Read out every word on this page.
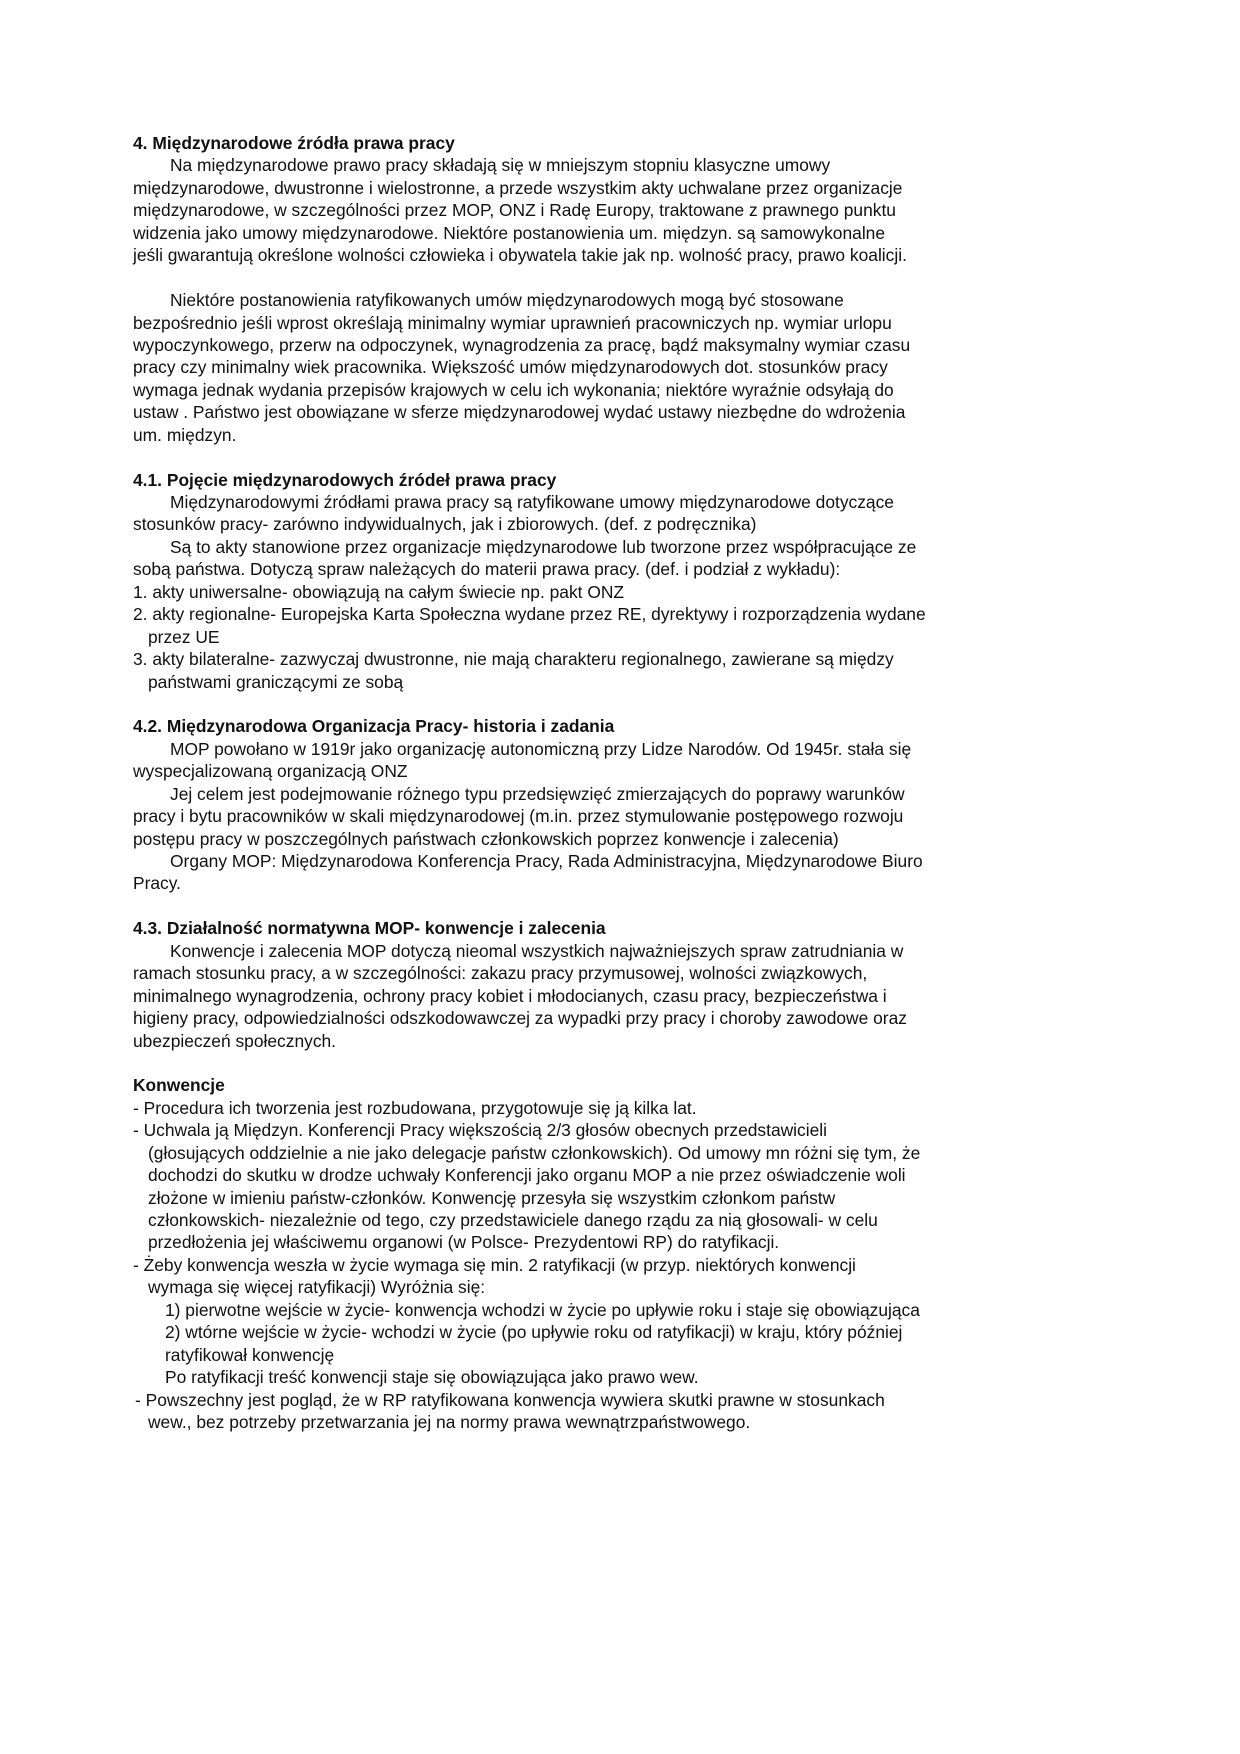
4. Międzynarodowe źródła prawa pracy
Na międzynarodowe prawo pracy składają się w mniejszym stopniu klasyczne umowy
międzynarodowe, dwustronne i wielostronne, a przede wszystkim akty uchwalane przez organizacje
międzynarodowe, w szczególności przez MOP, ONZ i Radę Europy, traktowane z prawnego punktu
widzenia jako umowy międzynarodowe. Niektóre postanowienia um. międzyn. są samowykonalne
jeśli gwarantują określone wolności człowieka i obywatela takie jak np. wolność pracy, prawo koalicji.
Niektóre postanowienia ratyfikowanych umów międzynarodowych mogą być stosowane
bezpośrednio jeśli wprost określają minimalny wymiar uprawnień pracowniczych np. wymiar urlopu
wypoczynkowego, przerw na odpoczynek, wynagrodzenia za pracę, bądź maksymalny wymiar czasu
pracy czy minimalny wiek pracownika. Większość umów międzynarodowych dot. stosunków pracy
wymaga jednak wydania przepisów krajowych w celu ich wykonania; niektóre wyraźnie odsyłają do
ustaw . Państwo jest obowiązane w sferze międzynarodowej wydać ustawy niezbędne do wdrożenia
um. międzyn.
4.1. Pojęcie międzynarodowych źródeł prawa pracy
Międzynarodowymi źródłami prawa pracy są ratyfikowane umowy międzynarodowe dotyczące
stosunków pracy- zarówno indywidualnych, jak i zbiorowych. (def. z podręcznika)
Są to akty stanowione przez organizacje międzynarodowe lub tworzone przez współpracujące ze
sobą państwa. Dotyczą spraw należących do materii prawa pracy. (def. i podział z wykładu):
1. akty uniwersalne- obowiązują na całym świecie np. pakt ONZ
2. akty regionalne- Europejska Karta Społeczna wydane przez RE, dyrektywy i rozporządzenia wydane
przez UE
3. akty bilateralne- zazwyczaj dwustronne, nie mają charakteru regionalnego, zawierane są między
państwami graniczącymi ze sobą
4.2. Międzynarodowa Organizacja Pracy- historia i zadania
MOP powołano w 1919r jako organizację autonomiczną przy Lidze Narodów. Od 1945r. stała się
wyspecjalizowaną organizacją ONZ
Jej celem jest podejmowanie różnego typu przedsięwzięć zmierzających do poprawy warunków
pracy i bytu pracowników w skali międzynarodowej (m.in. przez stymulowanie postępowego rozwoju
postępu pracy w poszczególnych państwach członkowskich poprzez konwencje i zalecenia)
Organy MOP: Międzynarodowa Konferencja Pracy, Rada Administracyjna, Międzynarodowe Biuro
Pracy.
4.3. Działalność normatywna MOP- konwencje i zalecenia
Konwencje i zalecenia MOP dotyczą nieomal wszystkich najważniejszych spraw zatrudniania w
ramach stosunku pracy, a w szczególności: zakazu pracy przymusowej, wolności związkowych,
minimalnego wynagrodzenia, ochrony pracy kobiet i młodocianych, czasu pracy, bezpieczeństwa i
higieny pracy, odpowiedzialności odszkodowawczej za wypadki przy pracy i choroby zawodowe oraz
ubezpieczeń społecznych.
Konwencje
- Procedura ich tworzenia jest rozbudowana, przygotowuje się ją kilka lat.
- Uchwala ją Międzyn. Konferencji Pracy większością 2/3 głosów obecnych przedstawicieli
(głosujących oddzielnie a nie jako delegacje państw członkowskich). Od umowy mn różni się tym, że
dochodzi do skutku w drodze uchwały Konferencji jako organu MOP a nie przez oświadczenie woli
złożone w imieniu państw-członków. Konwencję przesyła się wszystkim członkom państw
członkowskich- niezależnie od tego, czy przedstawiciele danego rządu za nią głosowali- w celu
przedłożenia jej właściwemu organowi (w Polsce- Prezydentowi RP) do ratyfikacji.
- Żeby konwencja weszła w życie wymaga się min. 2 ratyfikacji (w przyp. niektórych konwencji
wymaga się więcej ratyfikacji) Wyróżnia się:
1) pierwotne wejście w życie- konwencja wchodzi w życie po upływie roku i staje się obowiązująca
2) wtórne wejście w życie- wchodzi w życie (po upływie roku od ratyfikacji) w kraju, który później
ratyfikował konwencję
Po ratyfikacji treść konwencji staje się obowiązująca jako prawo wew.
- Powszechny jest pogląd, że w RP ratyfikowana konwencja wywiera skutki prawne w stosunkach
wew., bez potrzeby przetwarzania jej na normy prawa wewnątrzpaństwowego.
